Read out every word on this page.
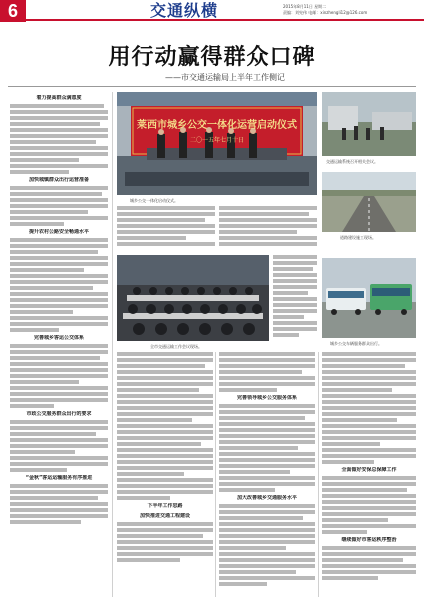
6	交通纵横	2015年8月11日 星期二
责编：刘宪伟 电邮：xinzhengli12@126.com
用行动赢得群众口碑
——市交通运输局上半年工作侧记
着力提高群众满意度
加快城镇群众出行运营准备
提升农村公路安全畅通水平
完善城乡客运公交体系
市政公交服务群众出行的要求
“金秋”客运运输服务有序推进
莱西市城乡公交一体化运营启动仪式
二〇一五年七月十日
城乡公交一体化启动仪式。
交通运输系统召开相关会议。
道路建设施工现场。
全市交通运输工作会议现场。
城乡公交车辆服务群众出行。
下半年工作思路
加快推进交通工程建设
完善领导城乡公交服务体系
加大改善城乡交通服务水平
全面做好安保总保障工作
继续做好市客运秩序整治
